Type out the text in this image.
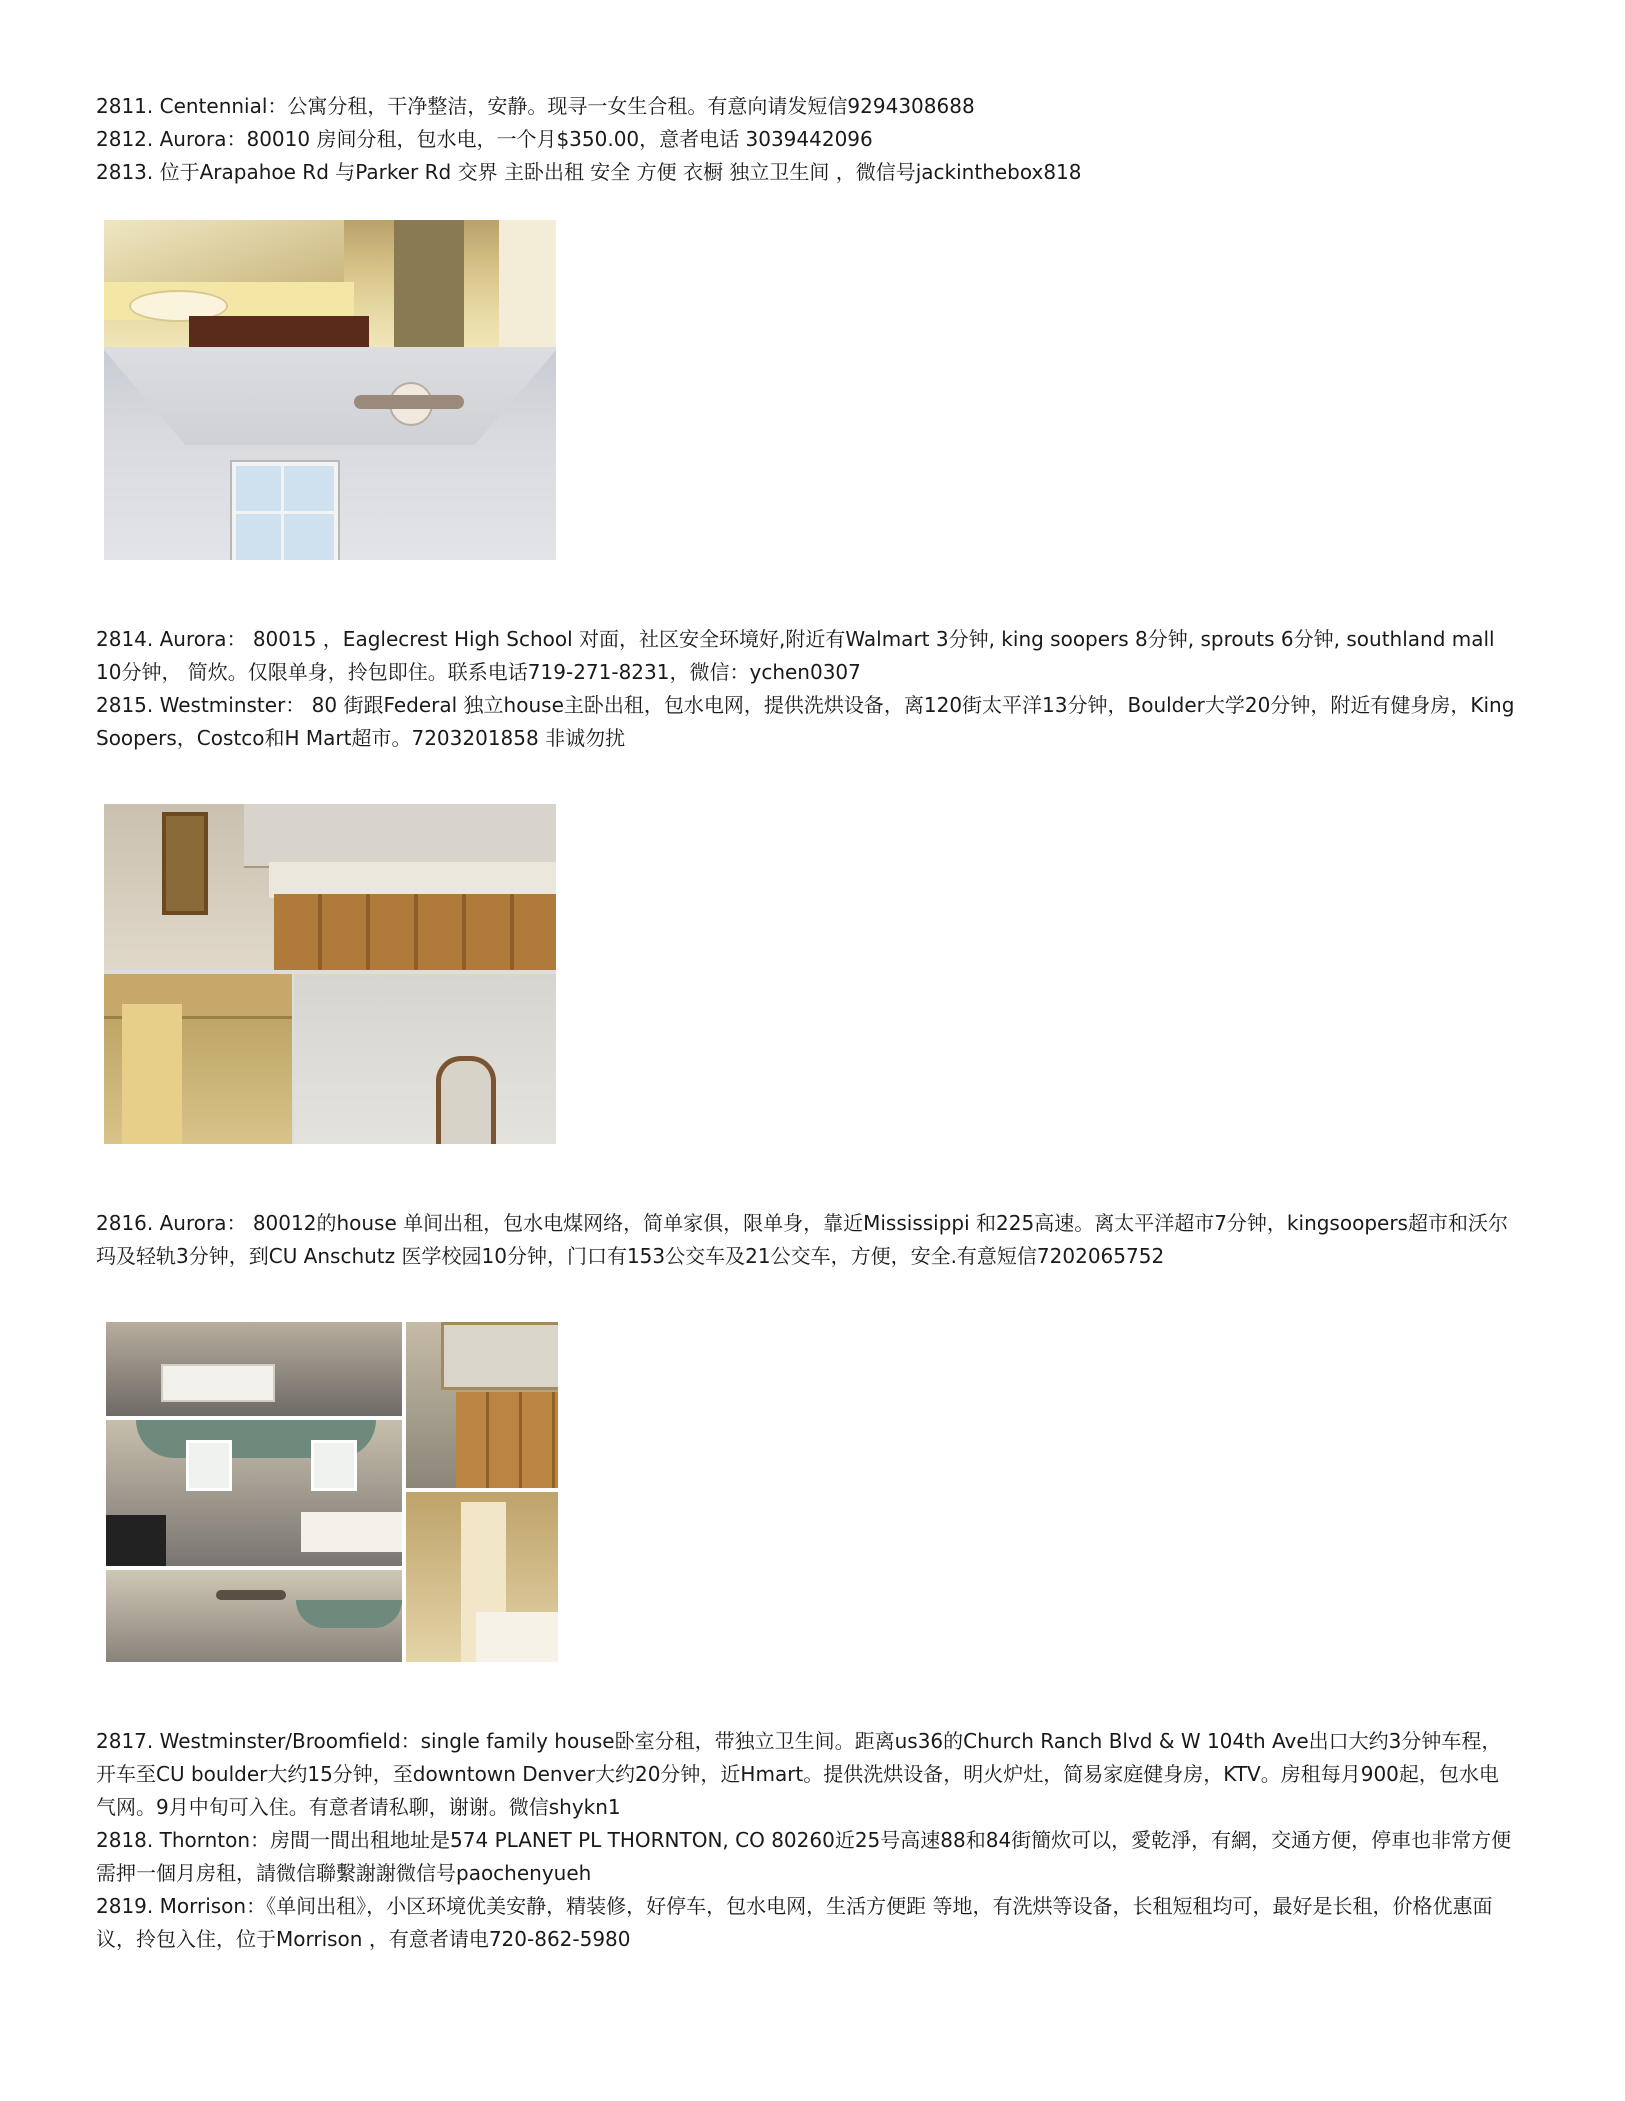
2811. Centennial：公寓分租，干净整洁，安静。现寻一女生合租。有意向请发短信9294308688

2812. Aurora：80010 房间分租，包水电，一个月$350.00，意者电话 3039442096

2813. 位于Arapahoe Rd 与Parker Rd 交界 主卧出租 安全 方便 衣橱 独立卫生间 ，微信号jackinthebox818

2814. Aurora： 80015 ，Eaglecrest High School 对面，社区安全环境好,附近有Walmart 3分钟, king soopers 8分钟, sprouts 6分钟, southland mall 10分钟， 简炊。仅限单身，拎包即住。联系电话719-271-8231，微信：ychen0307

2815. Westminster： 80 街跟Federal 独立house主卧出租，包水电网，提供洗烘设备，离120街太平洋13分钟，Boulder大学20分钟，附近有健身房，King Soopers，Costco和H Mart超市。7203201858 非诚勿扰

2816. Aurora： 80012的house 单间出租，包水电煤网络，简单家俱，限单身，靠近Mississippi 和225高速。离太平洋超市7分钟，kingsoopers超市和沃尔玛及轻轨3分钟，到CU Anschutz 医学校园10分钟，门口有153公交车及21公交车，方便，安全.有意短信7202065752

2817. Westminster/Broomfield：single family house卧室分租，带独立卫生间。距离us36的Church Ranch Blvd & W 104th Ave出口大约3分钟车程，开车至CU boulder大约15分钟，至downtown Denver大约20分钟，近Hmart。提供洗烘设备，明火炉灶，简易家庭健身房，KTV。房租每月900起，包水电气网。9月中旬可入住。有意者请私聊，谢谢。微信shykn1

2818. Thornton：房間一間出租地址是574 PLANET PL THORNTON, CO 80260近25号高速88和84街簡炊可以，愛乾淨，有網，交通方便，停車也非常方便需押一個月房租，請微信聯繫謝謝微信号paochenyueh

2819. Morrison：《单间出租》，小区环境优美安静，精装修，好停车，包水电网，生活方便距 等地，有洗烘等设备，长租短租均可，最好是长租，价格优惠面议，拎包入住，位于Morrison ，有意者请电720-862-5980
